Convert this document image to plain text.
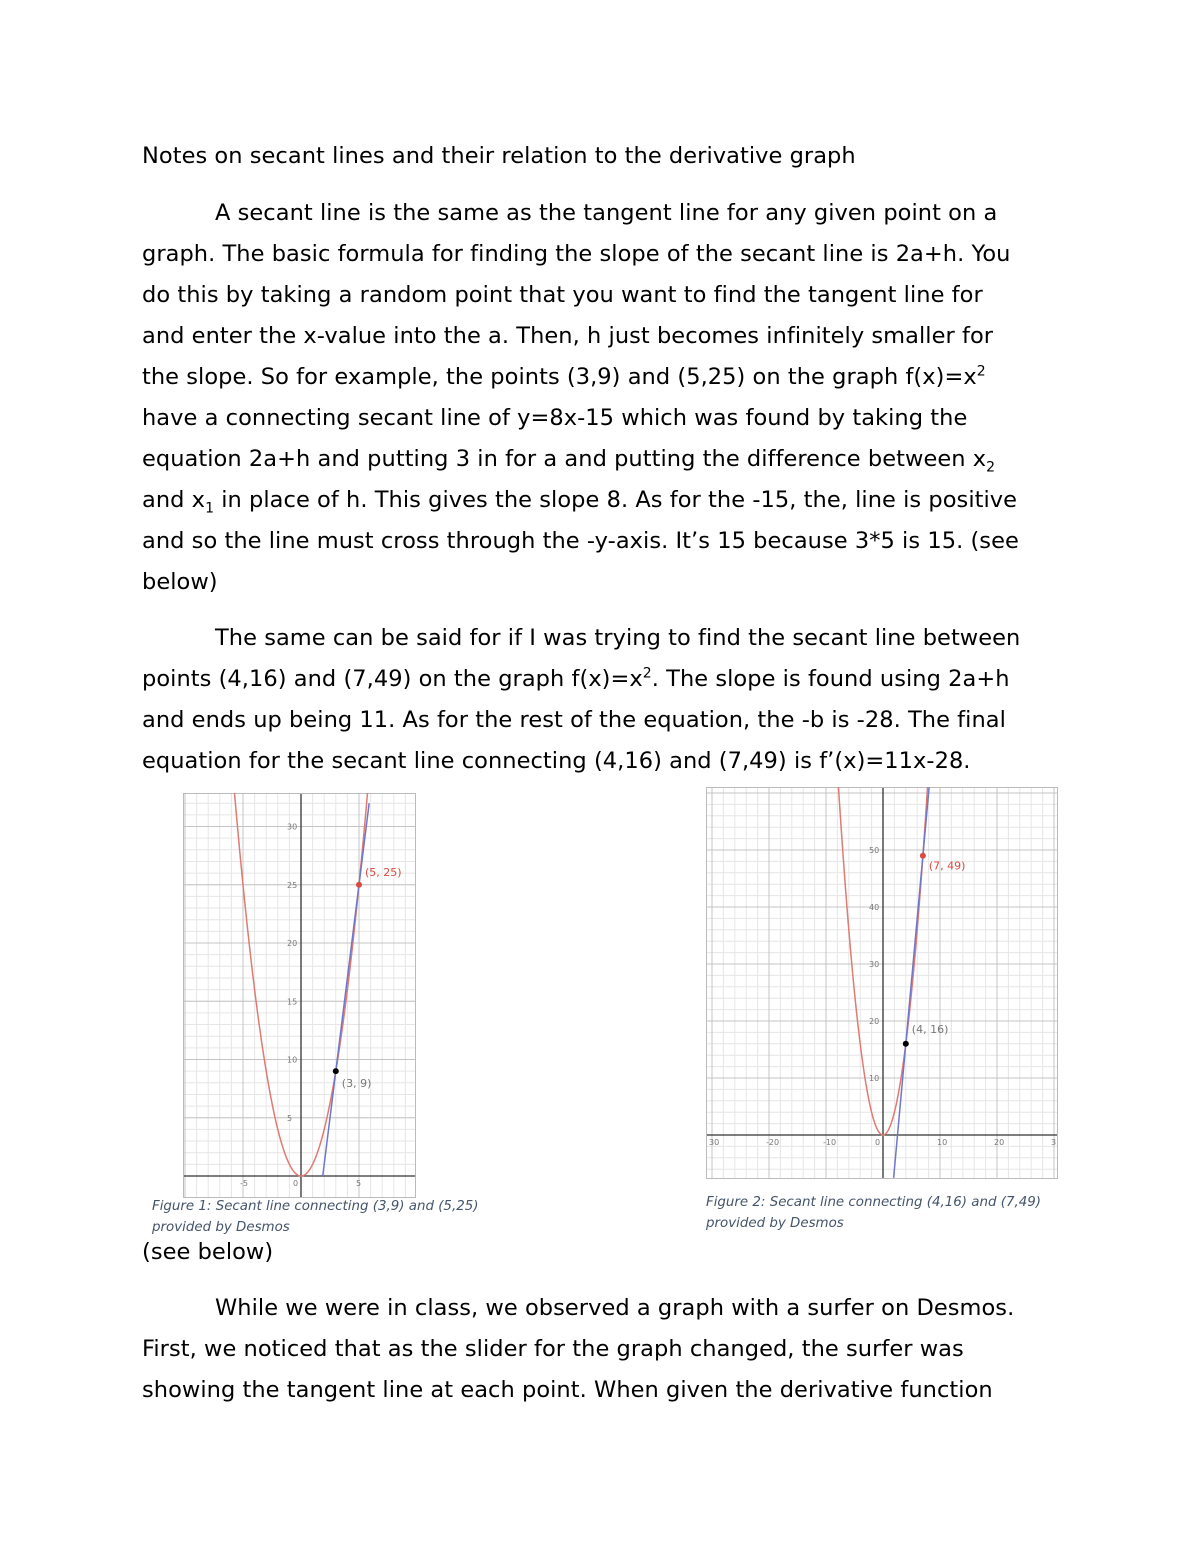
Notes on secant lines and their relation to the derivative graph

A secant line is the same as the tangent line for any given point on a

graph. The basic formula for finding the slope of the secant line is 2a+h. You

do this by taking a random point that you want to find the tangent line for

and enter the x-value into the a. Then, h just becomes infinitely smaller for

the slope. So for example, the points (3,9) and (5,25) on the graph $f(x)=x^2$

have a connecting secant line of y=8x-15 which was found by taking the

equation 2a+h and putting 3 in for a and putting the difference between $x_2$

and $x_1$ in place of h. This gives the slope 8. As for the -15, the, line is positive

and so the line must cross through the -y-axis. It’s 15 because 3*5 is 15. (see

below)

The same can be said for if I was trying to find the secant line between

points (4,16) and (7,49) on the graph $f(x)=x^2$. The slope is found using 2a+h

and ends up being 11. As for the rest of the equation, the -b is -28. The final

equation for the secant line connecting (4,16) and (7,49) is f’(x)=11x-28.

-5	0	5
5
10
15
20
25
30
(3, 9)
(5, 25)

Figure 1: Secant line connecting (3,9) and (5,25)

provided by Desmos

30	-20	-10	0	10	20	3
10
20
30
40
50
(4, 16)
(7, 49)

Figure 2: Secant line connecting (4,16) and (7,49)

provided by Desmos

(see below)

While we were in class, we observed a graph with a surfer on Desmos.

First, we noticed that as the slider for the graph changed, the surfer was

showing the tangent line at each point. When given the derivative function
